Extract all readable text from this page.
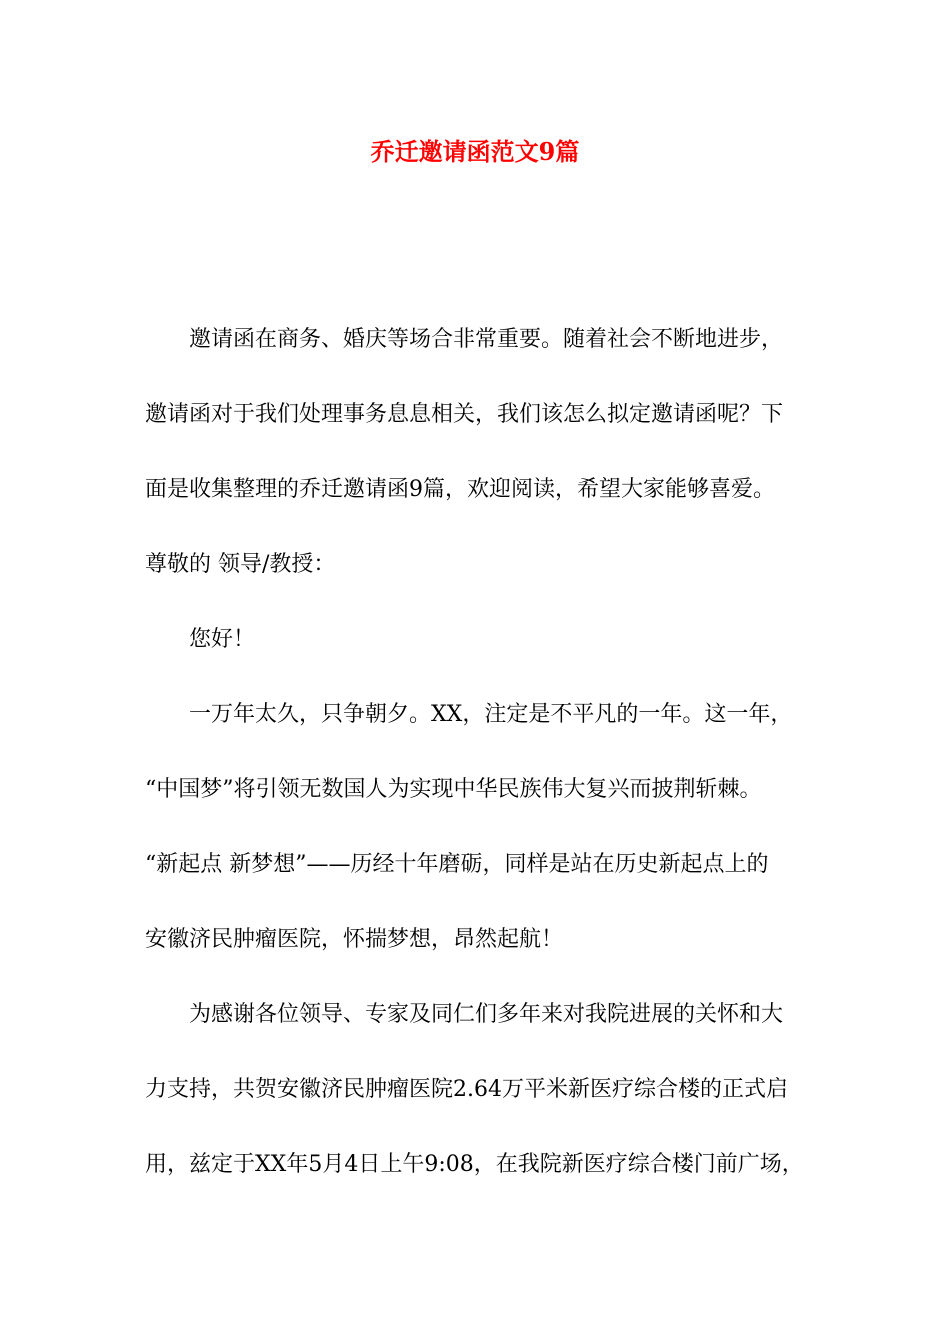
乔迁邀请函范文9篇
邀请函在商务、婚庆等场合非常重要。随着社会不断地进步，
邀请函对于我们处理事务息息相关，我们该怎么拟定邀请函呢？下
面是收集整理的乔迁邀请函9篇，欢迎阅读，希望大家能够喜爱。
尊敬的 领导/教授：
您好！
一万年太久，只争朝夕。XX，注定是不平凡的一年。这一年，
“中国梦”将引领无数国人为实现中华民族伟大复兴而披荆斩棘。
“新起点 新梦想”——历经十年磨砺，同样是站在历史新起点上的
安徽济民肿瘤医院，怀揣梦想，昂然起航！
为感谢各位领导、专家及同仁们多年来对我院进展的关怀和大
力支持，共贺安徽济民肿瘤医院2.64万平米新医疗综合楼的正式启
用，兹定于XX年5月4日上午9:08，在我院新医疗综合楼门前广场，
